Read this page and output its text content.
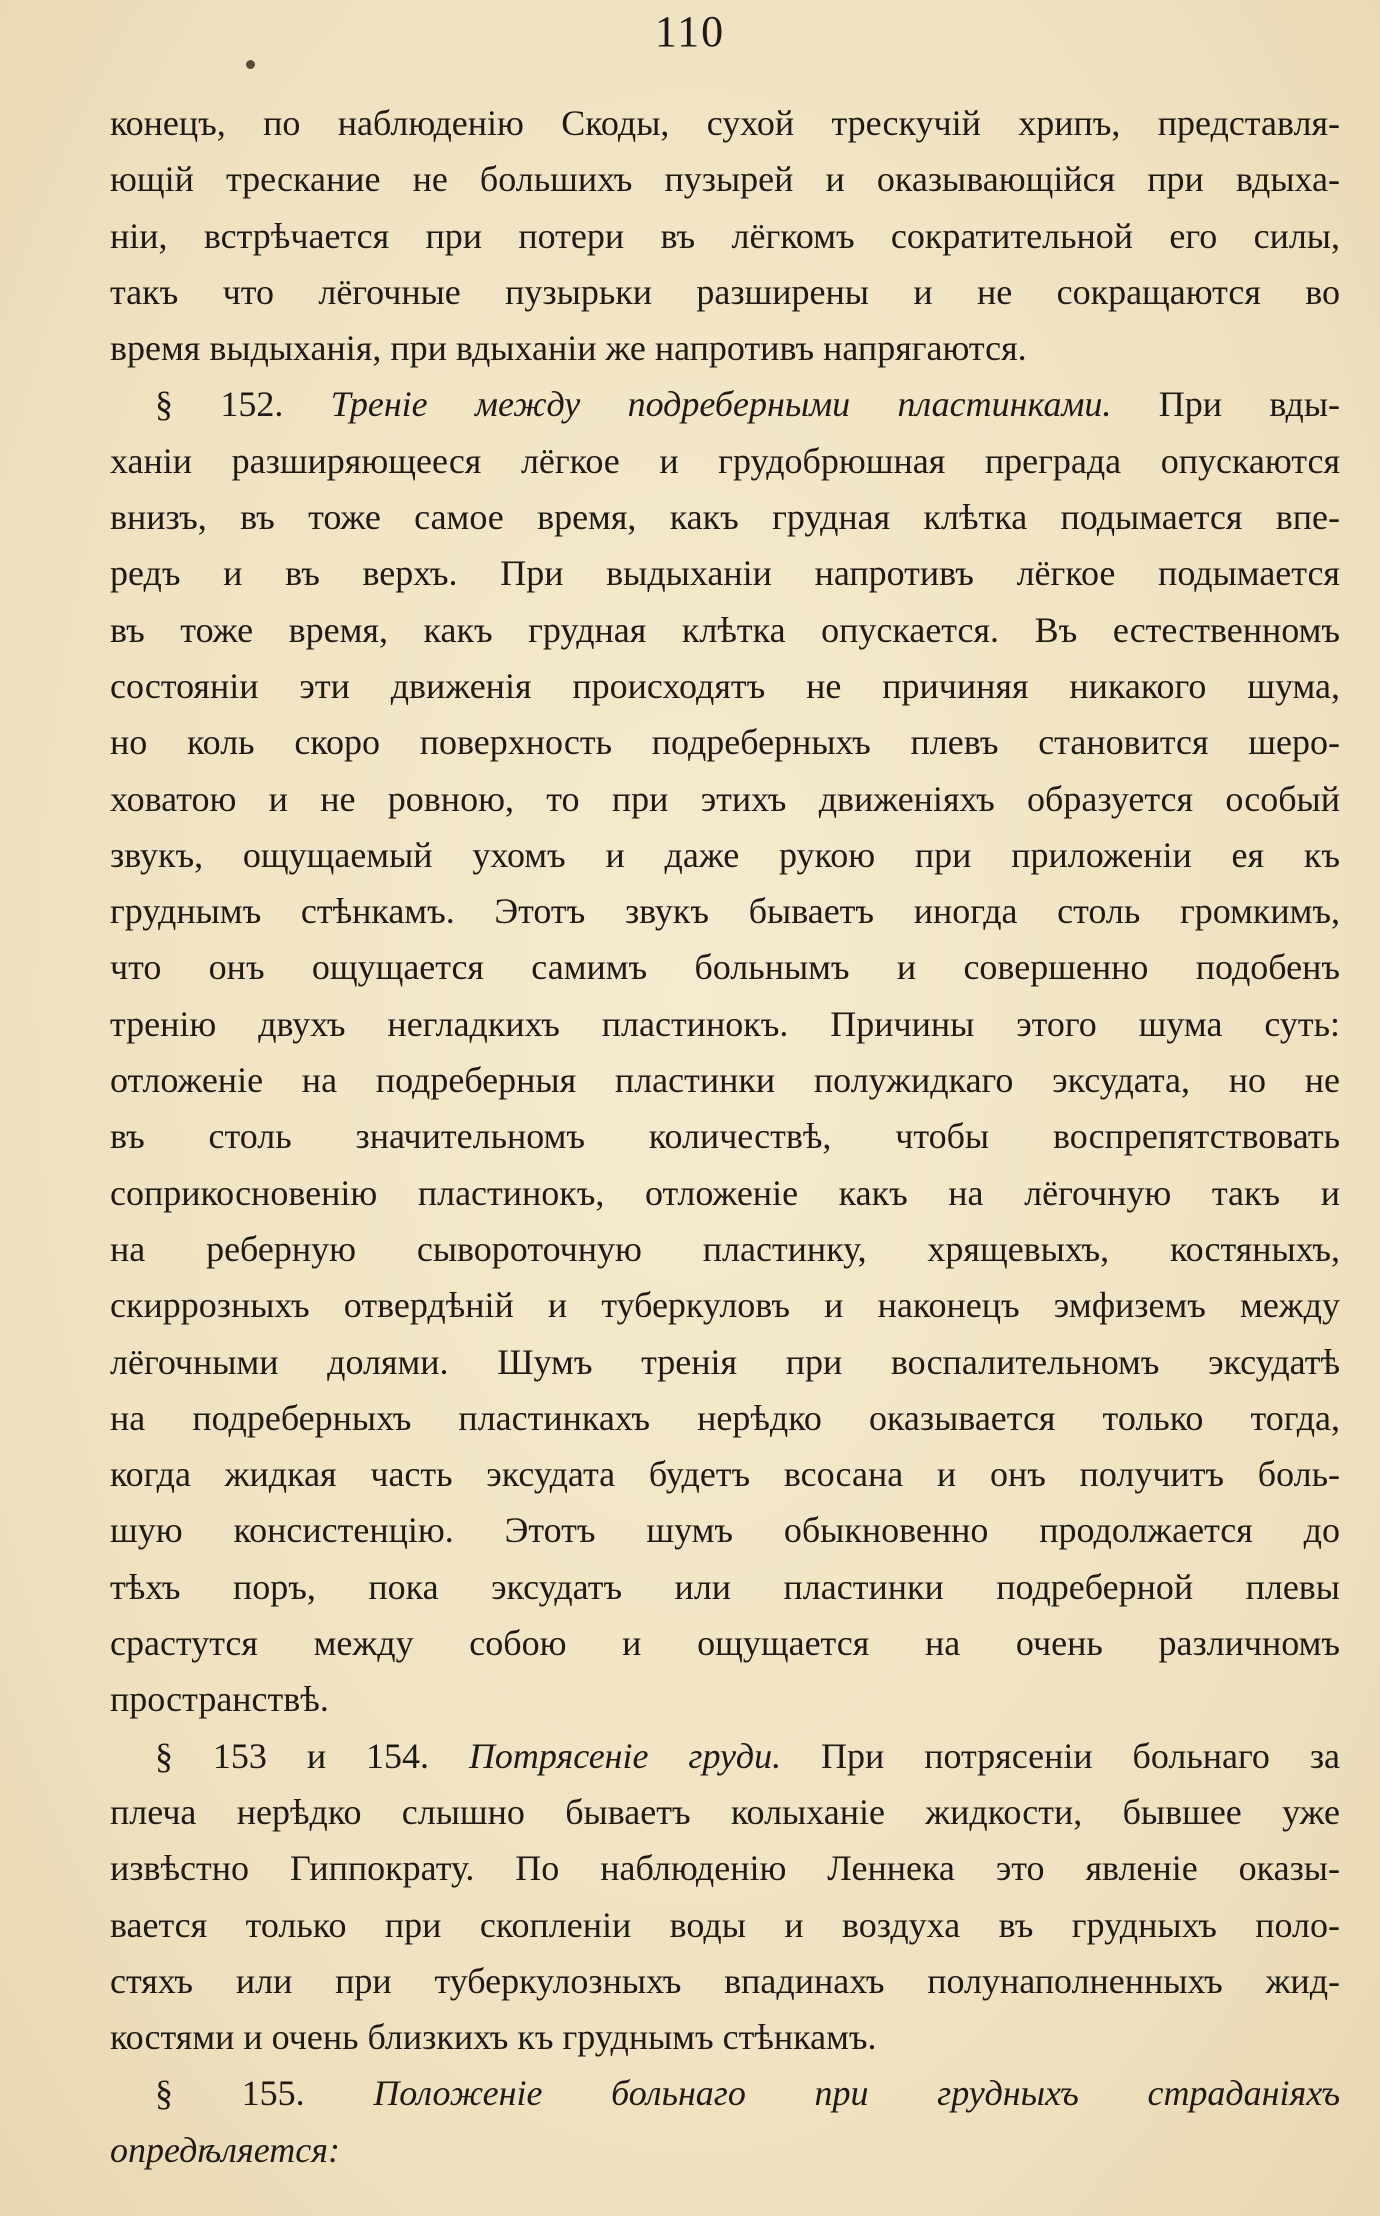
110
конецъ, по наблюденію Скоды, сухой трескучій хрипъ, представля-
ющій трескание не большихъ пузырей и оказывающійся при вдыха-
ніи, встрѣчается при потери въ лёгкомъ сократительной его силы,
такъ что лёгочные пузырьки разширены и не сокращаются во
время выдыханія, при вдыханіи же напротивъ напрягаются.
§ 152. Треніе между подреберными пластинками. При вды-
ханіи разширяющееся лёгкое и грудобрюшная преграда опускаются
внизъ, въ тоже самое время, какъ грудная клѣтка подымается впе-
редъ и въ верхъ. При выдыханіи напротивъ лёгкое подымается
въ тоже время, какъ грудная клѣтка опускается. Въ естественномъ
состояніи эти движенія происходятъ не причиняя никакого шума,
но коль скоро поверхность подреберныхъ плевъ становится шеро-
ховатою и не ровною, то при этихъ движеніяхъ образуется особый
звукъ, ощущаемый ухомъ и даже рукою при приложеніи ея къ
груднымъ стѣнкамъ. Этотъ звукъ бываетъ иногда столь громкимъ,
что онъ ощущается самимъ больнымъ и совершенно подобенъ
тренію двухъ негладкихъ пластинокъ. Причины этого шума суть:
отложеніе на подреберныя пластинки полужидкаго эксудата, но не
въ столь значительномъ количествѣ, чтобы воспрепятствовать
соприкосновенію пластинокъ, отложеніе какъ на лёгочную такъ и
на реберную сывороточную пластинку, хрящевыхъ, костяныхъ,
скиррозныхъ отвердѣній и туберкуловъ и наконецъ эмфиземъ между
лёгочными долями. Шумъ тренія при воспалительномъ эксудатѣ
на подреберныхъ пластинкахъ нерѣдко оказывается только тогда,
когда жидкая часть эксудата будетъ всосана и онъ получитъ боль-
шую консистенцію. Этотъ шумъ обыкновенно продолжается до
тѣхъ поръ, пока эксудатъ или пластинки подреберной плевы
срастутся между собою и ощущается на очень различномъ
пространствѣ.
§ 153 и 154. Потрясеніе груди. При потрясеніи больнаго за
плеча нерѣдко слышно бываетъ колыханіе жидкости, бывшее уже
извѣстно Гиппократу. По наблюденію Леннека это явленіе оказы-
вается только при скопленіи воды и воздуха въ грудныхъ поло-
стяхъ или при туберкулозныхъ впадинахъ полунаполненныхъ жид-
костями и очень близкихъ къ груднымъ стѣнкамъ.
§ 155. Положеніе больнаго при грудныхъ страданіяхъ
опредѣляется:
